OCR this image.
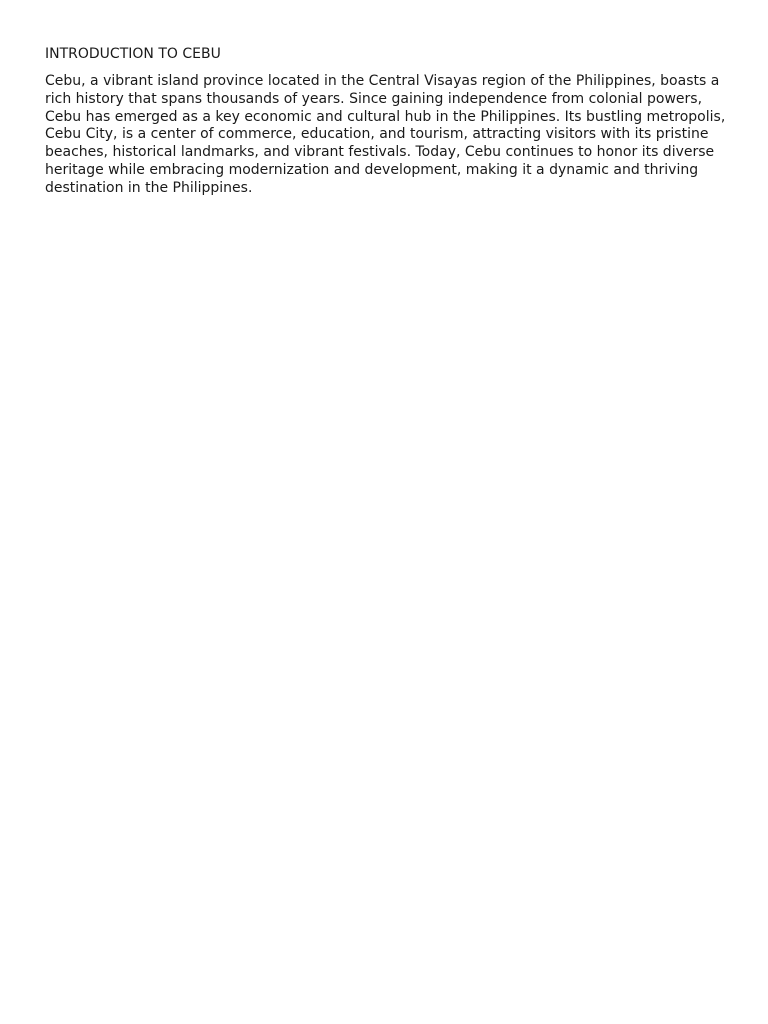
INTRODUCTION TO CEBU

Cebu, a vibrant island province located in the Central Visayas region of the Philippines, boasts a rich history that spans thousands of years. Since gaining independence from colonial powers, Cebu has emerged as a key economic and cultural hub in the Philippines. Its bustling metropolis, Cebu City, is a center of commerce, education, and tourism, attracting visitors with its pristine beaches, historical landmarks, and vibrant festivals. Today, Cebu continues to honor its diverse heritage while embracing modernization and development, making it a dynamic and thriving destination in the Philippines.
